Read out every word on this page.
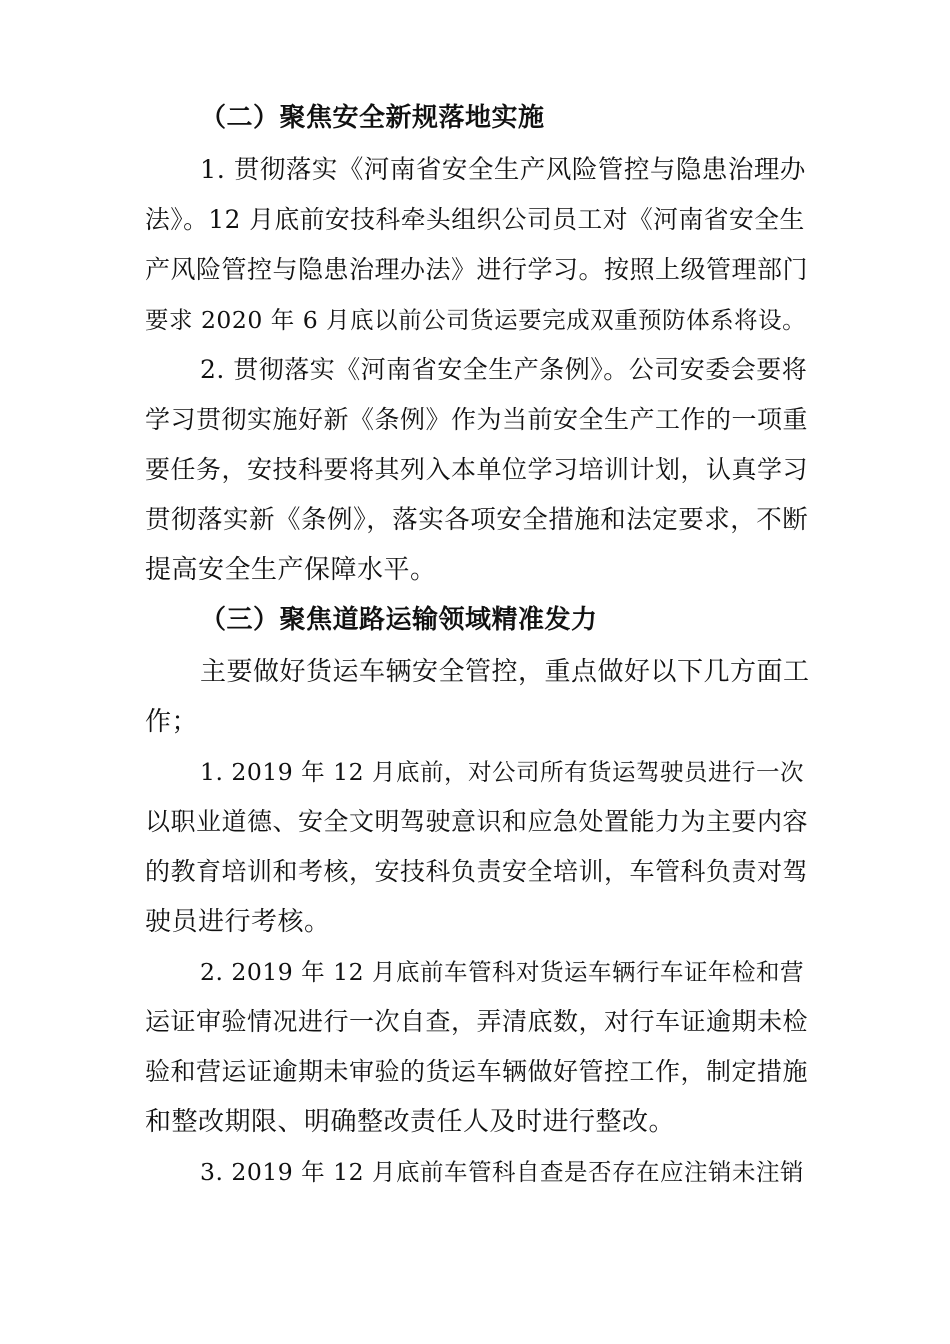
（二）聚焦安全新规落地实施
1. 贯彻落实《河南省安全生产风险管控与隐患治理办
法》。12 月底前安技科牵头组织公司员工对《河南省安全生
产风险管控与隐患治理办法》进行学习。按照上级管理部门
要求 2020 年 6 月底以前公司货运要完成双重预防体系将设。
2. 贯彻落实《河南省安全生产条例》。公司安委会要将
学习贯彻实施好新《条例》作为当前安全生产工作的一项重
要任务，安技科要将其列入本单位学习培训计划，认真学习
贯彻落实新《条例》，落实各项安全措施和法定要求，不断
提高安全生产保障水平。
（三）聚焦道路运输领域精准发力
主要做好货运车辆安全管控，重点做好以下几方面工
作；
1. 2019 年 12 月底前，对公司所有货运驾驶员进行一次
以职业道德、安全文明驾驶意识和应急处置能力为主要内容
的教育培训和考核，安技科负责安全培训，车管科负责对驾
驶员进行考核。
2. 2019 年 12 月底前车管科对货运车辆行车证年检和营
运证审验情况进行一次自查，弄清底数，对行车证逾期未检
验和营运证逾期未审验的货运车辆做好管控工作，制定措施
和整改期限、明确整改责任人及时进行整改。
3. 2019 年 12 月底前车管科自查是否存在应注销未注销
